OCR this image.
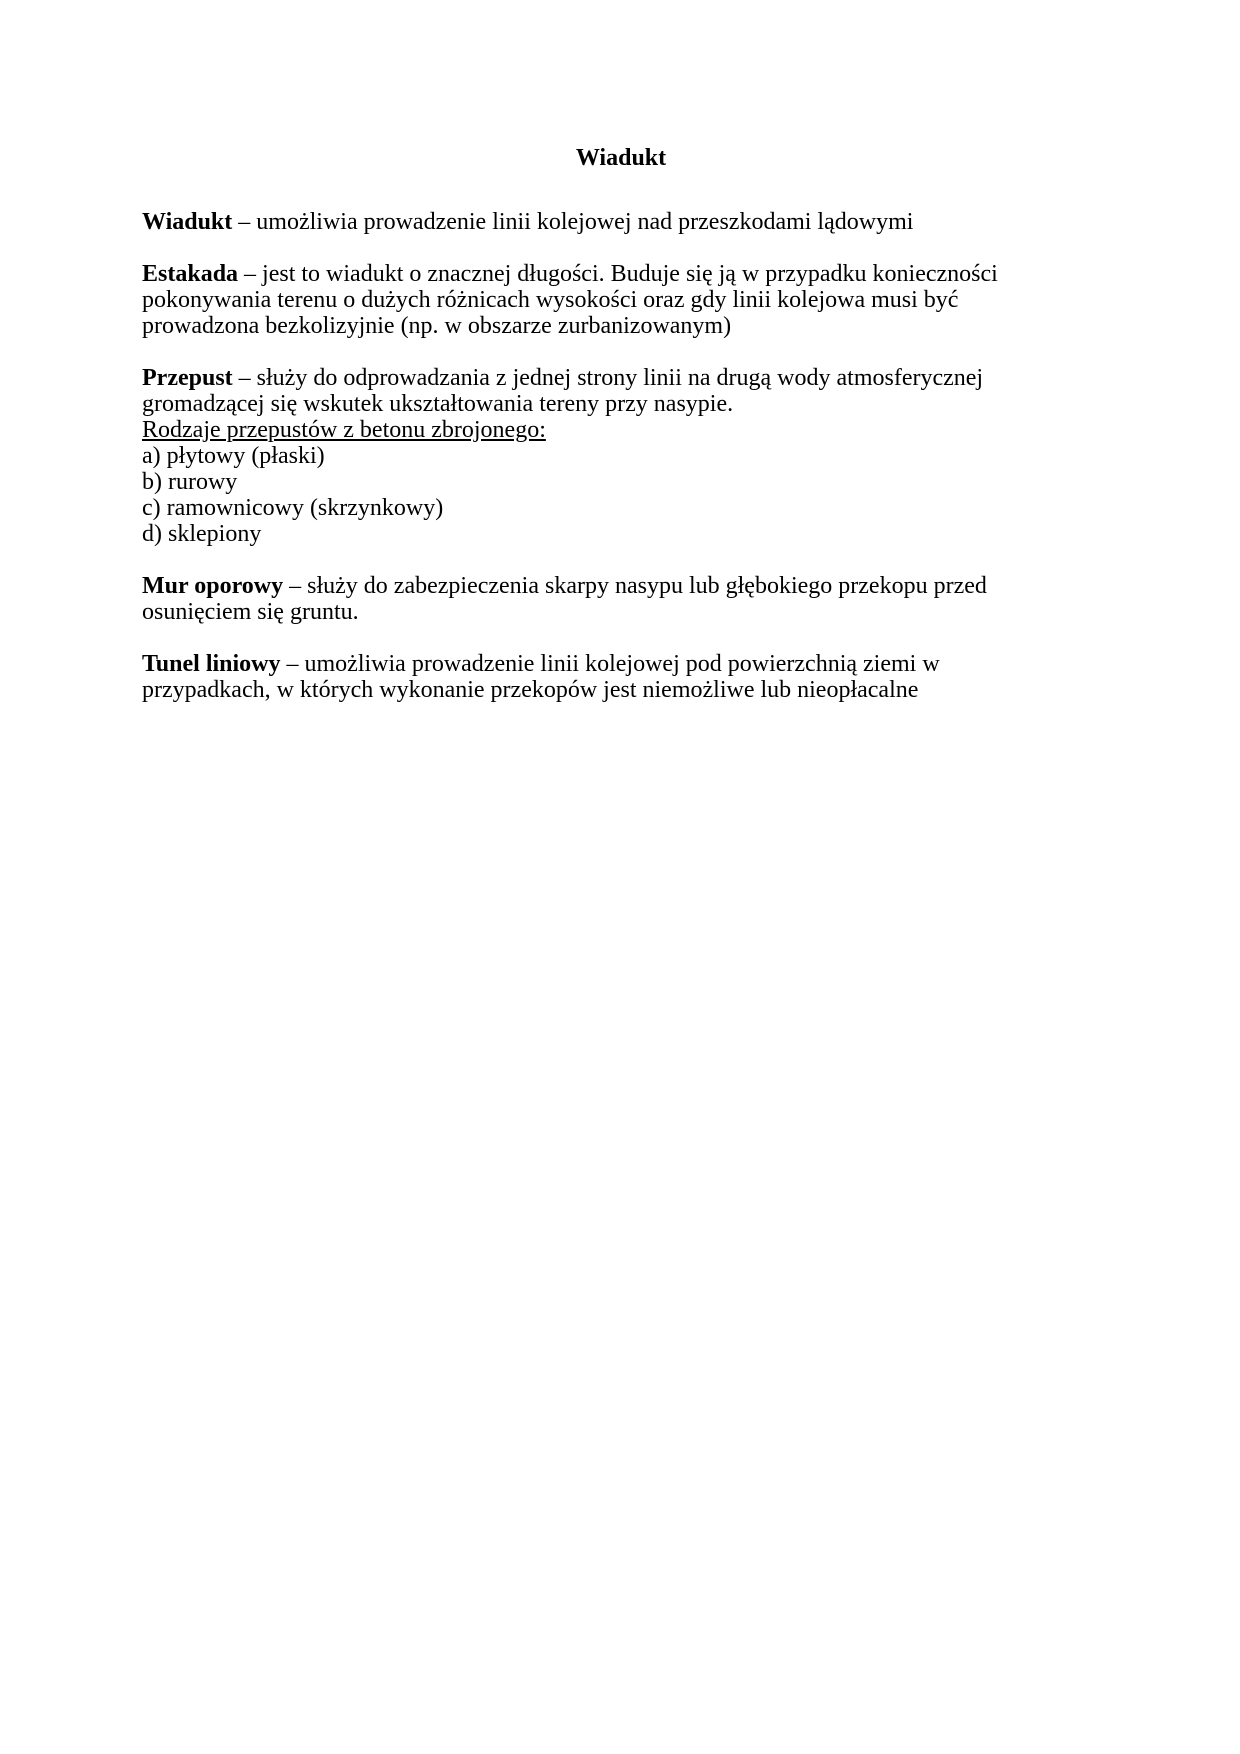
Wiadukt
Wiadukt – umożliwia prowadzenie linii kolejowej nad przeszkodami lądowymi
Estakada – jest to wiadukt o znacznej długości. Buduje się ją w przypadku konieczności
pokonywania terenu o dużych różnicach wysokości oraz gdy linii kolejowa musi być
prowadzona bezkolizyjnie (np. w obszarze zurbanizowanym)
Przepust – służy do odprowadzania z jednej strony linii na drugą wody atmosferycznej
gromadzącej się wskutek ukształtowania tereny przy nasypie.
Rodzaje przepustów z betonu zbrojonego:
a) płytowy (płaski)
b) rurowy
c) ramownicowy (skrzynkowy)
d) sklepiony
Mur oporowy – służy do zabezpieczenia skarpy nasypu lub głębokiego przekopu przed
osunięciem się gruntu.
Tunel liniowy – umożliwia prowadzenie linii kolejowej pod powierzchnią ziemi w
przypadkach, w których wykonanie przekopów jest niemożliwe lub nieopłacalne
